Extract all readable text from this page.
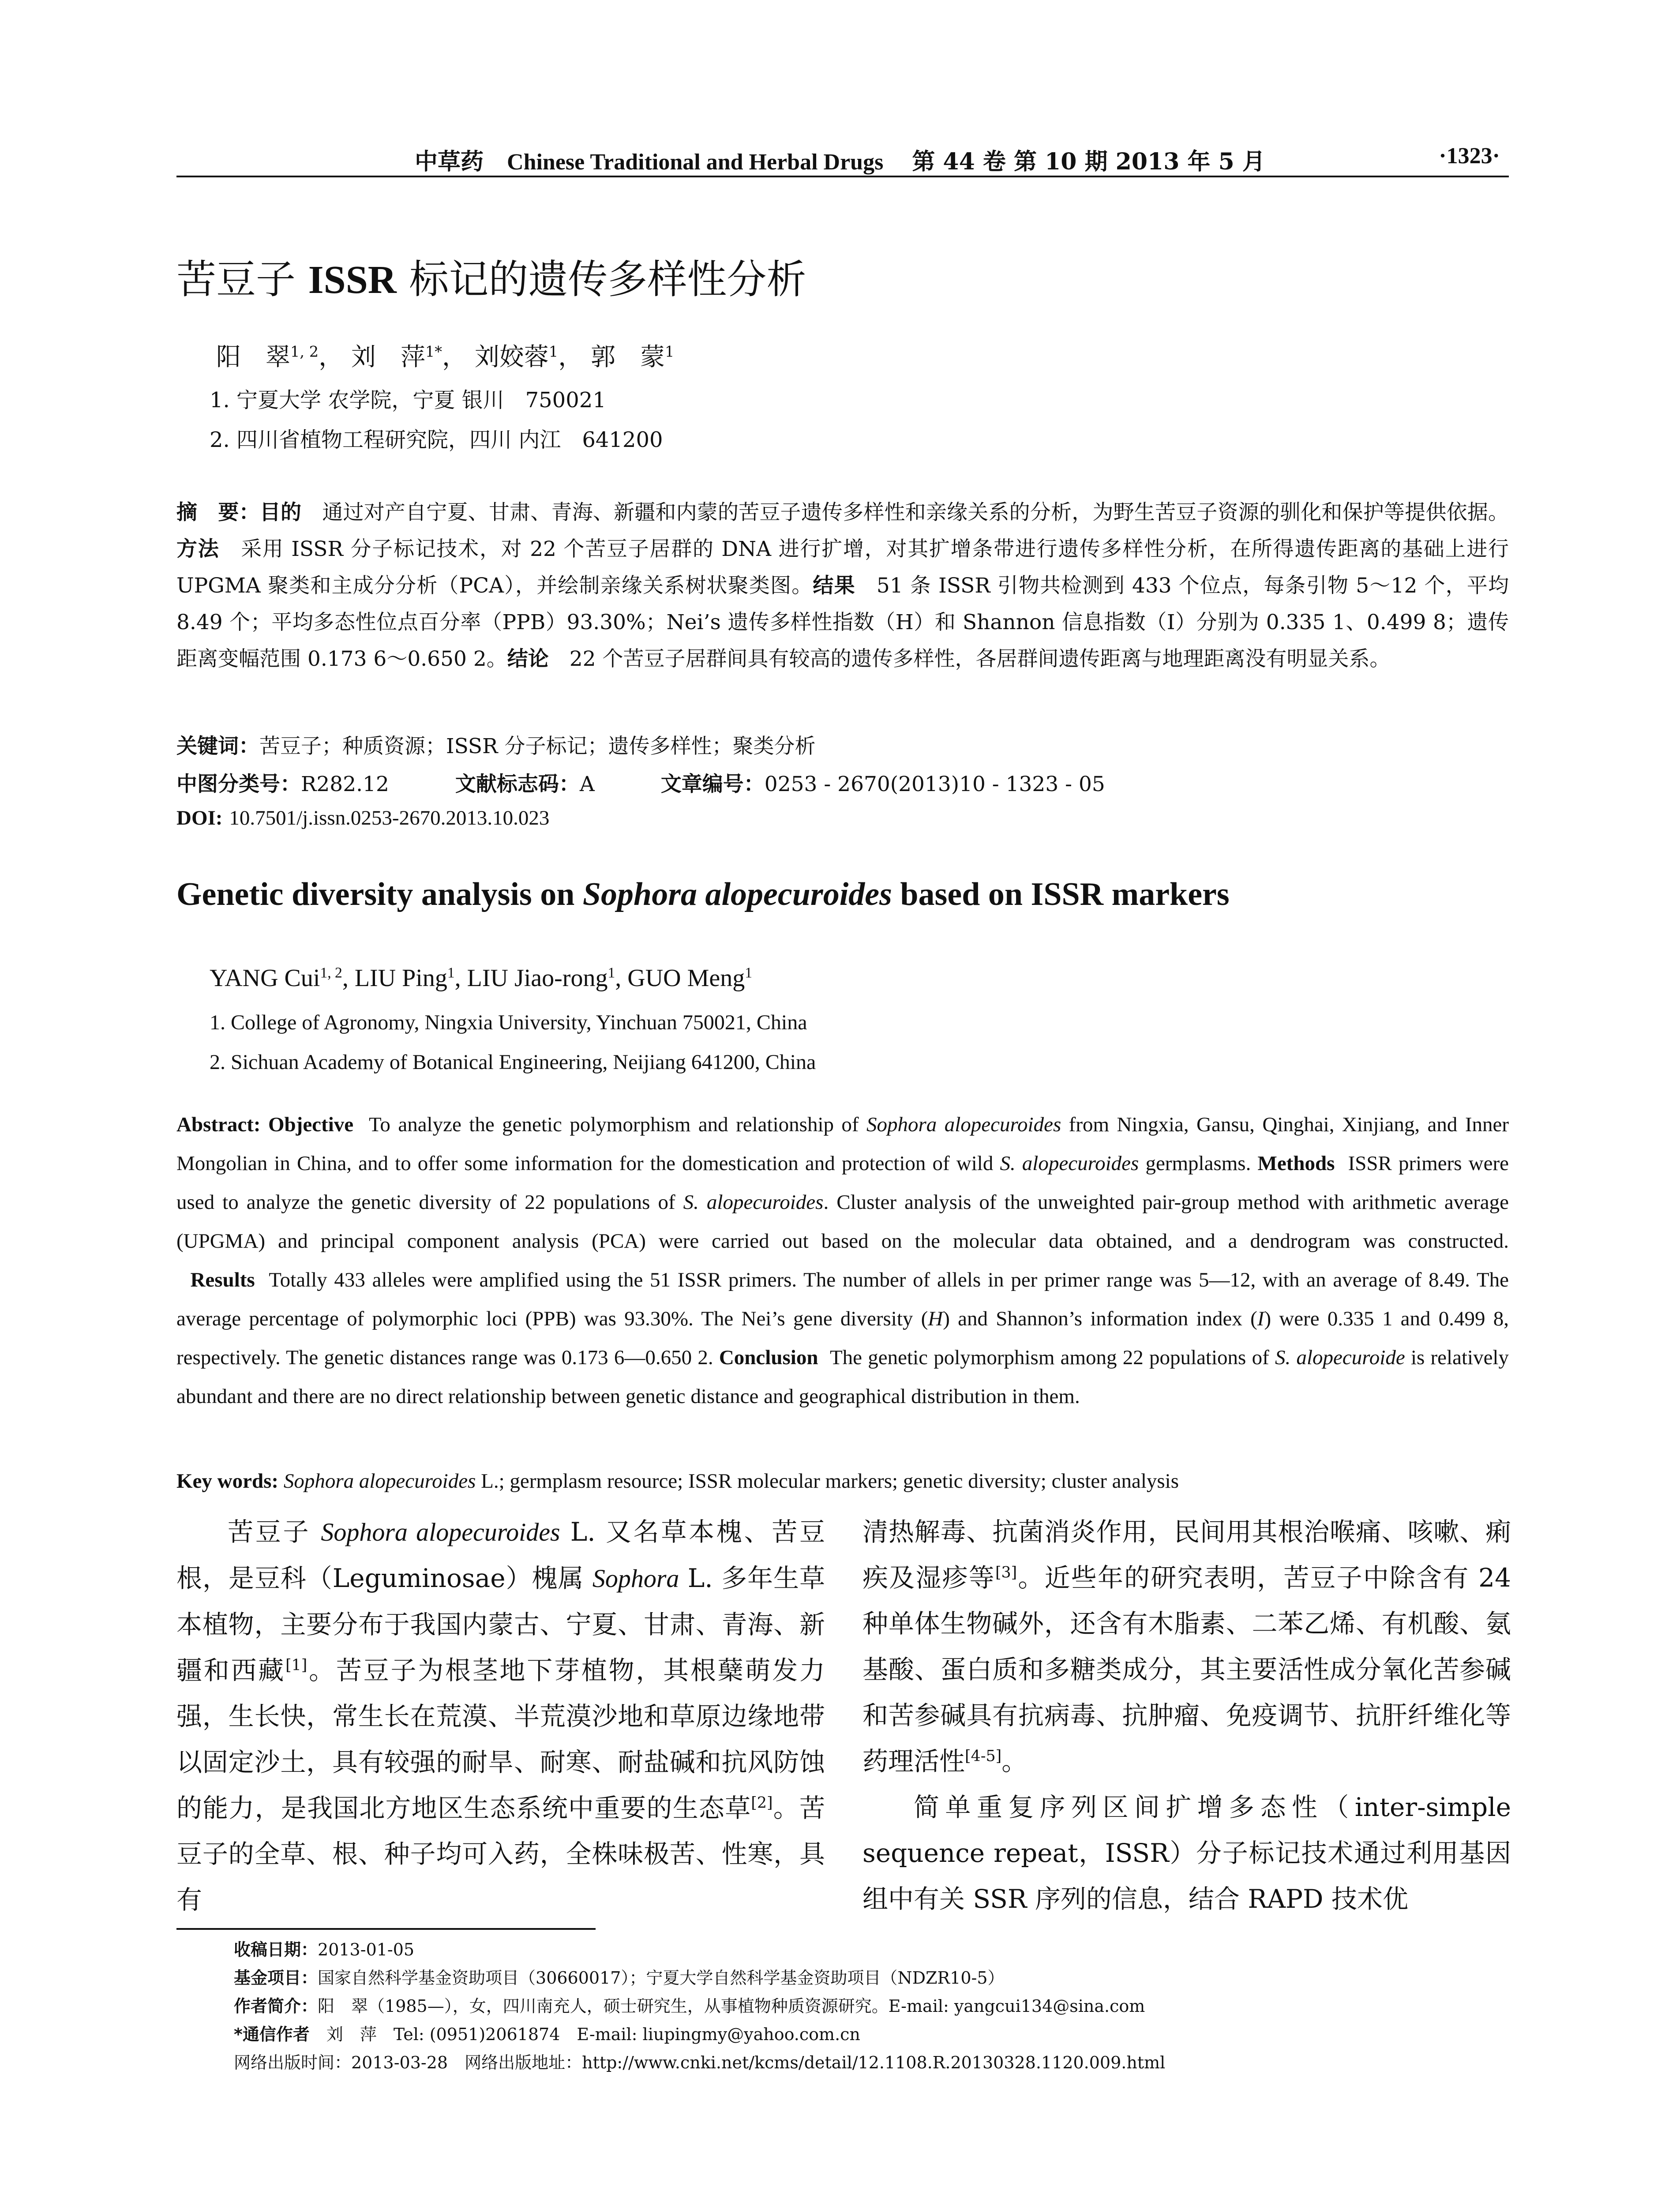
中草药 Chinese Traditional and Herbal Drugs 第 44 卷 第 10 期 2013 年 5 月	·1323·
苦豆子 ISSR 标记的遗传多样性分析
阳　翠$^{1, 2}$， 刘　萍$^{1*}$， 刘姣蓉$^1$， 郭　蒙$^1$
1. 宁夏大学 农学院，宁夏 银川　750021
2. 四川省植物工程研究院，四川 内江　641200
摘　要：目的　通过对产自宁夏、甘肃、青海、新疆和内蒙的苦豆子遗传多样性和亲缘关系的分析，为野生苦豆子资源的驯化和保护等提供依据。方法　采用 ISSR 分子标记技术，对 22 个苦豆子居群的 DNA 进行扩增，对其扩增条带进行遗传多样性分析，在所得遗传距离的基础上进行 UPGMA 聚类和主成分分析（PCA），并绘制亲缘关系树状聚类图。结果　51 条 ISSR 引物共检测到 433 个位点，每条引物 5～12 个，平均 8.49 个；平均多态性位点百分率（PPB）93.30%；Nei’s 遗传多样性指数（H）和 Shannon 信息指数（I）分别为 0.335 1、0.499 8；遗传距离变幅范围 0.173 6～0.650 2。结论　22 个苦豆子居群间具有较高的遗传多样性，各居群间遗传距离与地理距离没有明显关系。
关键词：苦豆子；种质资源；ISSR 分子标记；遗传多样性；聚类分析
中图分类号：R282.12	文献标志码：A	文章编号：0253 - 2670(2013)10 - 1323 - 05
DOI: 10.7501/j.issn.0253-2670.2013.10.023
Genetic diversity analysis on Sophora alopecuroides based on ISSR markers
YANG Cui$^{1, 2}$, LIU Ping$^1$, LIU Jiao-rong$^1$, GUO Meng$^1$
1. College of Agronomy, Ningxia University, Yinchuan 750021, China
2. Sichuan Academy of Botanical Engineering, Neijiang 641200, China
Abstract: Objective To analyze the genetic polymorphism and relationship of Sophora alopecuroides from Ningxia, Gansu, Qinghai, Xinjiang, and Inner Mongolian in China, and to offer some information for the domestication and protection of wild S. alopecuroides germplasms. Methods ISSR primers were used to analyze the genetic diversity of 22 populations of S. alopecuroides. Cluster analysis of the unweighted pair-group method with arithmetic average (UPGMA) and principal component analysis (PCA) were carried out based on the molecular data obtained, and a dendrogram was constructed.   Results Totally 433 alleles were amplified using the 51 ISSR primers. The number of allels in per primer range was 5—12, with an average of 8.49. The average percentage of polymorphic loci (PPB) was 93.30%. The Nei’s gene diversity (H) and Shannon’s information index (I) were 0.335 1 and 0.499 8, respectively. The genetic distances range was 0.173 6—0.650 2. Conclusion The genetic polymorphism among 22 populations of S. alopecuroide is relatively abundant and there are no direct relationship between genetic distance and geographical distribution in them.
Key words: Sophora alopecuroides L.; germplasm resource; ISSR molecular markers; genetic diversity; cluster analysis

苦豆子 Sophora alopecuroides L. 又名草本槐、苦豆根，是豆科（Leguminosae）槐属 Sophora L. 多年生草本植物，主要分布于我国内蒙古、宁夏、甘肃、青海、新疆和西藏[1]。苦豆子为根茎地下芽植物，其根蘖萌发力强，生长快，常生长在荒漠、半荒漠沙地和草原边缘地带以固定沙土，具有较强的耐旱、耐寒、耐盐碱和抗风防蚀的能力，是我国北方地区生态系统中重要的生态草[2]。苦豆子的全草、根、种子均可入药，全株味极苦、性寒，具有

清热解毒、抗菌消炎作用，民间用其根治喉痛、咳嗽、痢疾及湿疹等[3]。近些年的研究表明，苦豆子中除含有 24 种单体生物碱外，还含有木脂素、二苯乙烯、有机酸、氨基酸、蛋白质和多糖类成分，其主要活性成分氧化苦参碱和苦参碱具有抗病毒、抗肿瘤、免疫调节、抗肝纤维化等药理活性[4-5]。

简单重复序列区间扩增多态性（inter-simple sequence repeat，ISSR）分子标记技术通过利用基因组中有关 SSR 序列的信息，结合 RAPD 技术优

收稿日期：2013-01-05
基金项目：国家自然科学基金资助项目（30660017）；宁夏大学自然科学基金资助项目（NDZR10-5）
作者简介：阳　翠（1985—），女，四川南充人，硕士研究生，从事植物种质资源研究。E-mail: yangcui134@sina.com
*通信作者　刘　萍　Tel: (0951)2061874　E-mail: liupingmy@yahoo.com.cn
网络出版时间：2013-03-28　网络出版地址：http://www.cnki.net/kcms/detail/12.1108.R.20130328.1120.009.html
